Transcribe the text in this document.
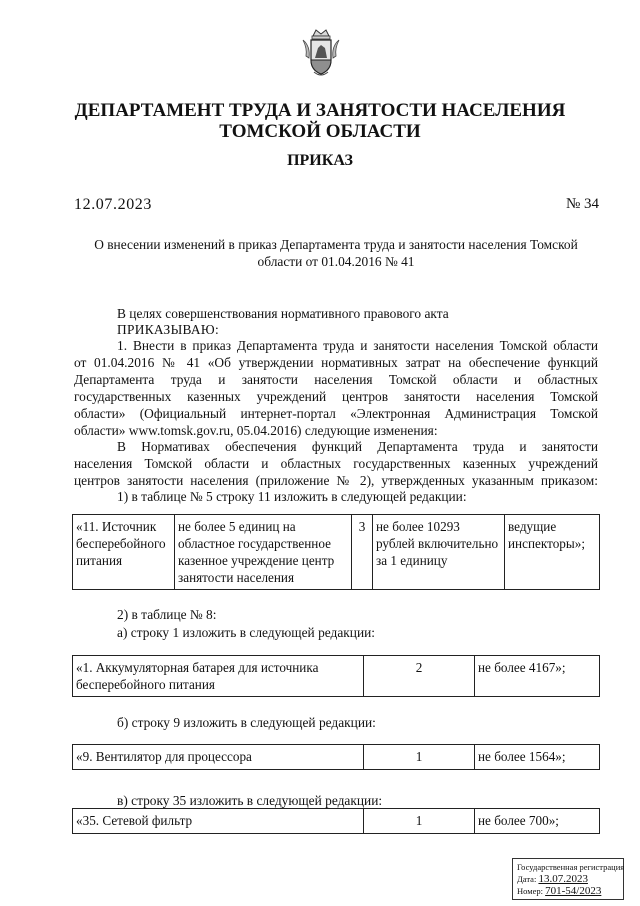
ДЕПАРТАМЕНТ ТРУДА И ЗАНЯТОСТИ НАСЕЛЕНИЯ
ТОМСКОЙ ОБЛАСТИ
ПРИКАЗ
12.07.2023	№ 34
О внесении изменений в приказ Департамента труда и занятости населения Томской
области от 01.04.2016 № 41
В целях совершенствования нормативного правового акта
ПРИКАЗЫВАЮ:
1. Внести в приказ Департамента труда и занятости населения Томской области
от 01.04.2016 № 41 «Об утверждении нормативных затрат на обеспечение функций
Департамента труда и занятости населения Томской области и областных
государственных казенных учреждений центров занятости населения Томской
области» (Официальный интернет-портал «Электронная Администрация Томской
области» www.tomsk.gov.ru, 05.04.2016) следующие изменения:
В Нормативах обеспечения функций Департамента труда и занятости
населения Томской области и областных государственных казенных учреждений
центров занятости населения (приложение № 2), утвержденных указанным приказом:
1) в таблице № 5 строку 11 изложить в следующей редакции:
«11. Источник бесперебойного питания	не более 5 единиц на областное государственное казенное учреждение центр занятости населения	3	не более 10293 рублей включительно за 1 единицу	ведущие инспекторы»;
2) в таблице № 8:
а) строку 1 изложить в следующей редакции:
«1. Аккумуляторная батарея для источника бесперебойного питания	2	не более 4167»;
б) строку 9 изложить в следующей редакции:
«9. Вентилятор для процессора	1	не более 1564»;
в) строку 35 изложить в следующей редакции:
«35. Сетевой фильтр	1	не более 700»;
Государственная регистрация
Дата: 13.07.2023
Номер: 701-54/2023
